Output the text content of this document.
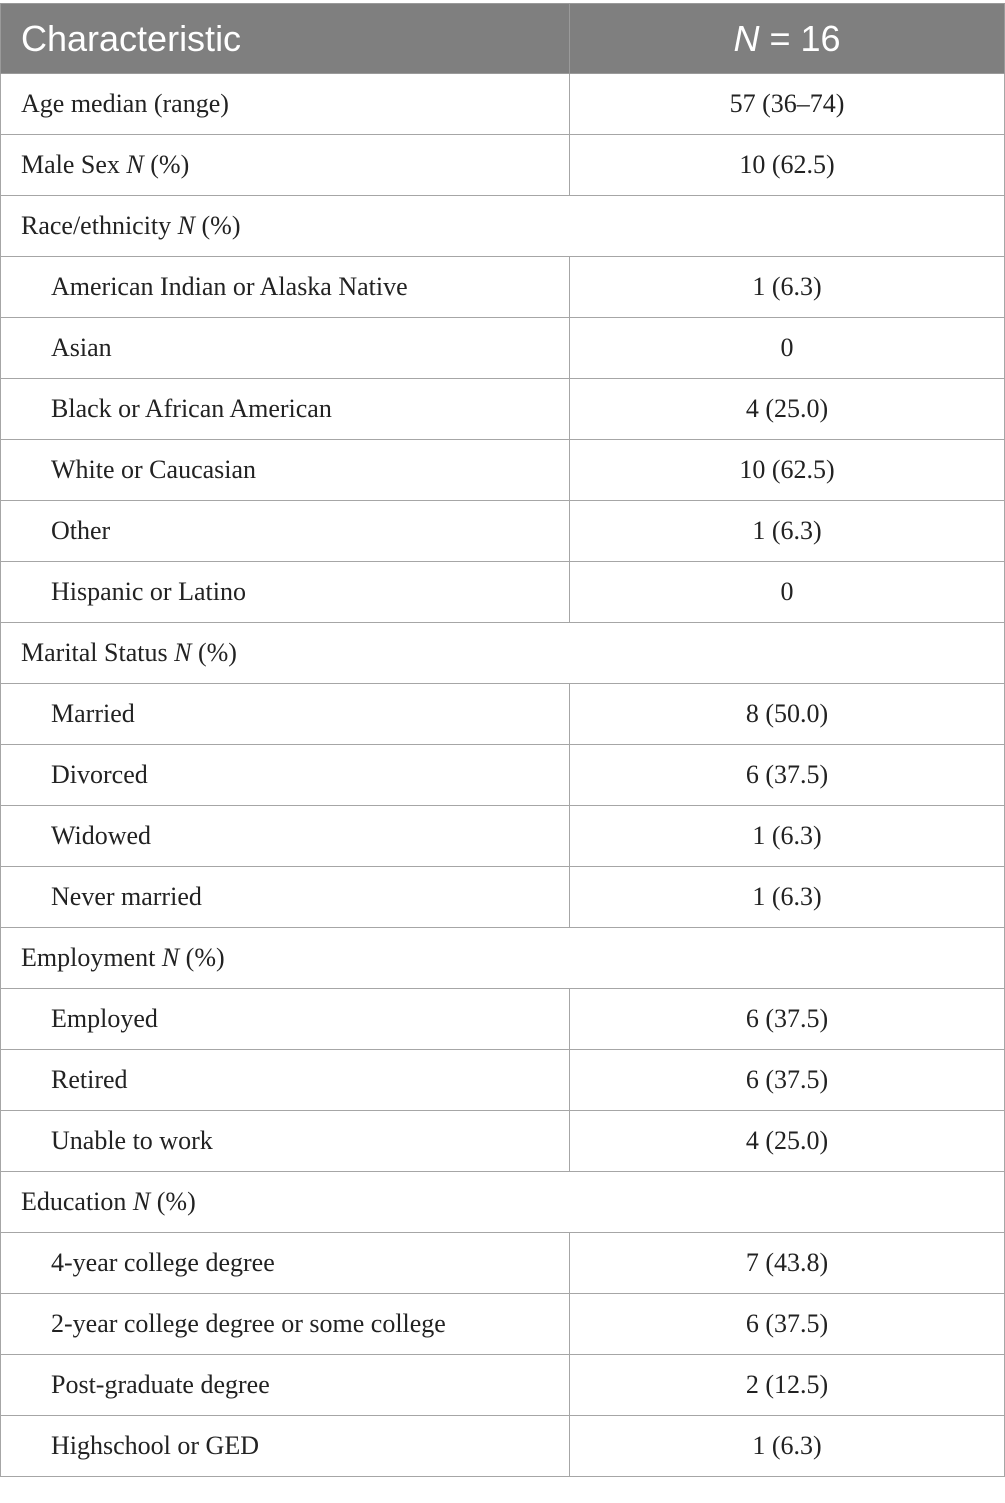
Characteristic	N = 16
Age median (range)	57 (36–74)
Male Sex N (%)	10 (62.5)
Race/ethnicity N (%)	
American Indian or Alaska Native	1 (6.3)
Asian	0
Black or African American	4 (25.0)
White or Caucasian	10 (62.5)
Other	1 (6.3)
Hispanic or Latino	0
Marital Status N (%)	
Married	8 (50.0)
Divorced	6 (37.5)
Widowed	1 (6.3)
Never married	1 (6.3)
Employment N (%)	
Employed	6 (37.5)
Retired	6 (37.5)
Unable to work	4 (25.0)
Education N (%)	
4-year college degree	7 (43.8)
2-year college degree or some college	6 (37.5)
Post-graduate degree	2 (12.5)
Highschool or GED	1 (6.3)
